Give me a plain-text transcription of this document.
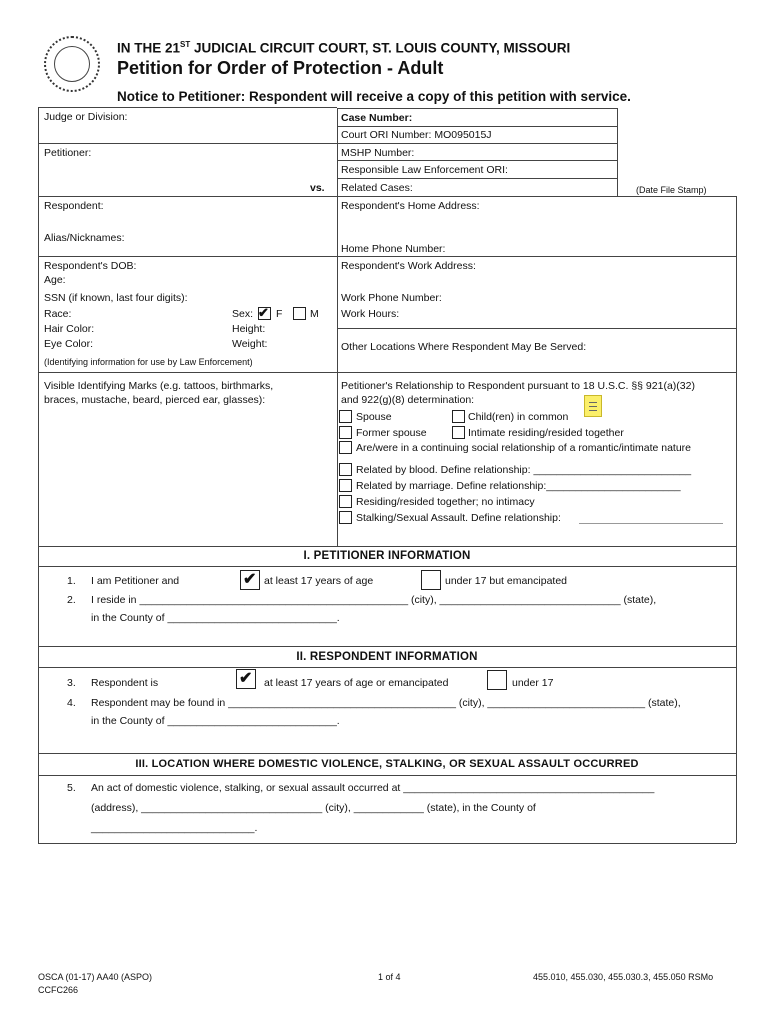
IN THE 21ST JUDICIAL CIRCUIT COURT, ST. LOUIS COUNTY, MISSOURI
Petition for Order of Protection - Adult
Notice to Petitioner: Respondent will receive a copy of this petition with service.
Judge or Division:
Petitioner:
vs.
Respondent:
Alias/Nicknames:
Respondent's DOB:
Age:
SSN (if known, last four digits):
Race:	Sex: ✔ F	M
Hair Color:	Height:
Eye Color:	Weight:
(Identifying information for use by Law Enforcement)
Visible Identifying Marks (e.g. tattoos, birthmarks,
braces, mustache, beard, pierced ear, glasses):
Case Number:
Court ORI Number: MO095015J
MSHP Number:
Responsible Law Enforcement ORI:
Related Cases:	(Date File Stamp)
Respondent's Home Address:
Home Phone Number:
Respondent's Work Address:
Work Phone Number:
Work Hours:
Other Locations Where Respondent May Be Served:
Petitioner's Relationship to Respondent pursuant to 18 U.S.C. §§ 921(a)(32)
and 922(g)(8) determination:
Spouse	Child(ren) in common
Former spouse	Intimate residing/resided together
Are/were in a continuing social relationship of a romantic/intimate nature
Related by blood. Define relationship: ___________________________
Related by marriage. Define relationship:_______________________
Residing/resided together; no intimacy
Stalking/Sexual Assault. Define relationship:
I. PETITIONER INFORMATION
1. I am Petitioner and	✔ at least 17 years of age	under 17 but emancipated
2. I reside in ______________________________________________ (city), _______________________________ (state),
in the County of _____________________________.
II. RESPONDENT INFORMATION
3. Respondent is	✔ at least 17 years of age or emancipated	under 17
4. Respondent may be found in _______________________________________ (city), ___________________________ (state),
in the County of _____________________________.
III. LOCATION WHERE DOMESTIC VIOLENCE, STALKING, OR SEXUAL ASSAULT OCCURRED
5. An act of domestic violence, stalking, or sexual assault occurred at ___________________________________________
(address), _______________________________ (city), ____________ (state), in the County of
____________________________.
OSCA (01-17) AA40 (ASPO)
CCFC266
1 of 4	455.010, 455.030, 455.030.3, 455.050 RSMo
